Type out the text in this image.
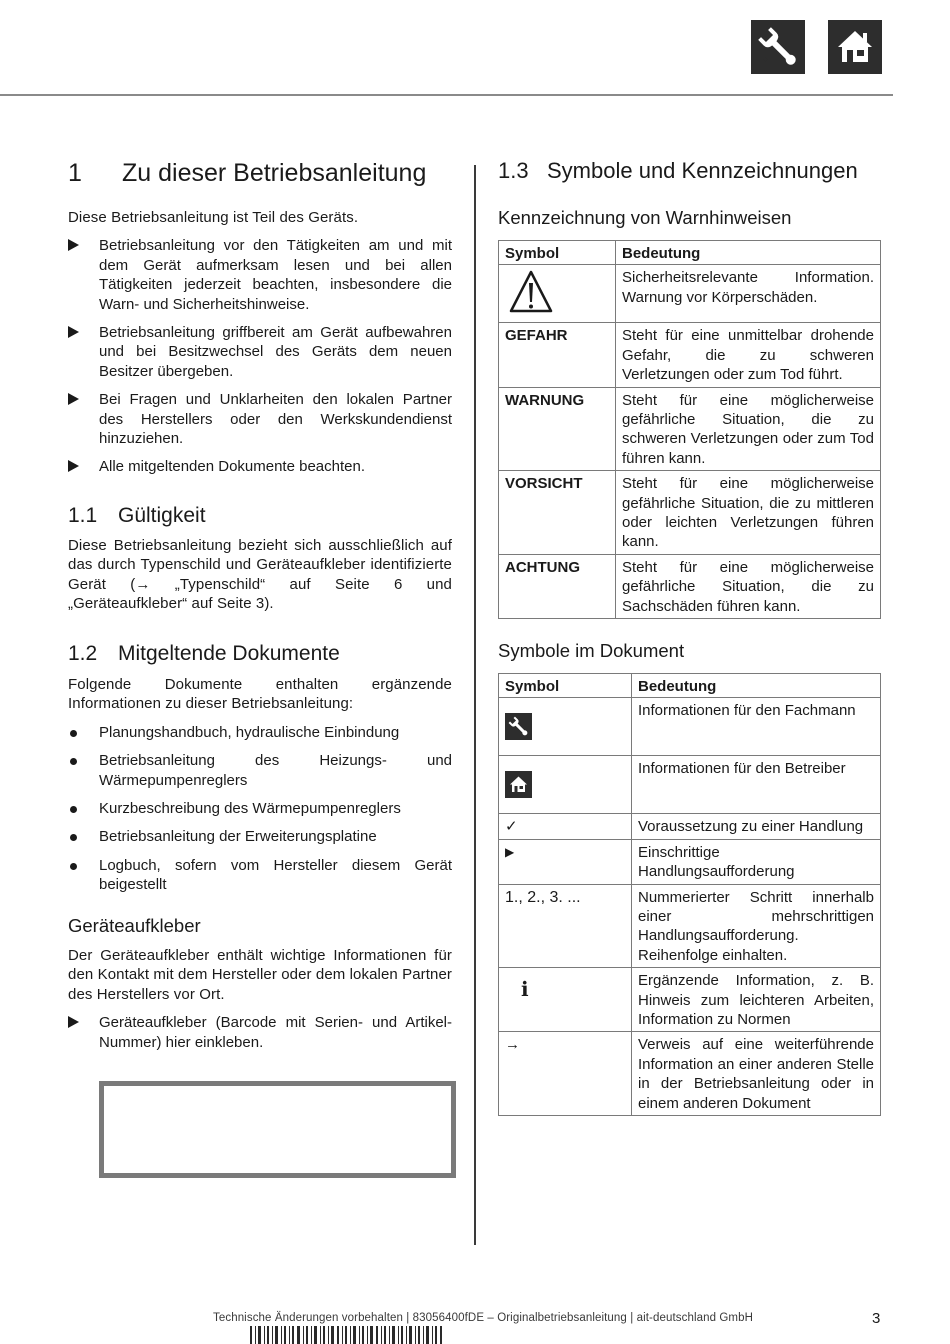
1 Zu dieser Betriebsanleitung

Diese Betriebsanleitung ist Teil des Geräts.

Betriebsanleitung vor den Tätigkeiten am und mit dem Gerät aufmerksam lesen und bei allen Tätigkeiten jederzeit beachten, insbesondere die Warn- und Sicherheitshinweise.
Betriebsanleitung griffbereit am Gerät aufbewahren und bei Besitzwechsel des Geräts dem neuen Besitzer übergeben.
Bei Fragen und Unklarheiten den lokalen Partner des Herstellers oder den Werkskundendienst hinzuziehen.
Alle mitgeltenden Dokumente beachten.
1.1 Gültigkeit

Diese Betriebsanleitung bezieht sich ausschließlich auf das durch Typenschild und Geräteaufkleber identifizierte Gerät (→ „Typenschild“ auf Seite 6 und „Geräteaufkleber“ auf Seite 3).

1.2 Mitgeltende Dokumente

Folgende Dokumente enthalten ergänzende Informationen zu dieser Betriebsanleitung:

Planungshandbuch, hydraulische Einbindung
Betriebsanleitung des Heizungs- und Wärmepumpenreglers
Kurzbeschreibung des Wärmepumpenreglers
Betriebsanleitung der Erweiterungsplatine
Logbuch, sofern vom Hersteller diesem Gerät beigestellt
Geräteaufkleber

Der Geräteaufkleber enthält wichtige Informationen für den Kontakt mit dem Hersteller oder dem lokalen Partner des Herstellers vor Ort.

Geräteaufkleber (Barcode mit Serien- und Artikel-Nummer) hier einkleben.
1.3 Symbole und Kennzeichnungen
Kennzeichnung von Warnhinweisen
Symbol	Bedeutung

	Sicherheitsrelevante Information. Warnung vor Körperschäden.
GEFAHR	Steht für eine unmittelbar drohende Gefahr, die zu schweren Verletzungen oder zum Tod führt.
WARNUNG	Steht für eine möglicherweise gefährliche Situation, die zu schweren Verletzungen oder zum Tod führen kann.
VORSICHT	Steht für eine möglicherweise gefährliche Situation, die zu mittleren oder leichten Verletzungen führen kann.
ACHTUNG	Steht für eine möglicherweise gefährliche Situation, die zu Sachschäden führen kann.
Symbole im Dokument
Symbol	Bedeutung

	Informationen für den Fachmann

	Informationen für den Betreiber
✓	Voraussetzung zu einer Handlung
▶	Einschrittige Handlungsaufforderung
1., 2., 3. ...	Nummerierter Schritt innerhalb einer mehrschrittigen Handlungsaufforderung. Reihenfolge einhalten.
ℹ	Ergänzende Information, z. B. Hinweis zum leichteren Arbeiten, Information zu Normen
→	Verweis auf eine weiterführende Information an einer anderen Stelle in der Betriebsanleitung oder in einem anderen Dokument
Technische Änderungen vorbehalten | 83056400fDE – Originalbetriebsanleitung | ait-deutschland GmbH	3
